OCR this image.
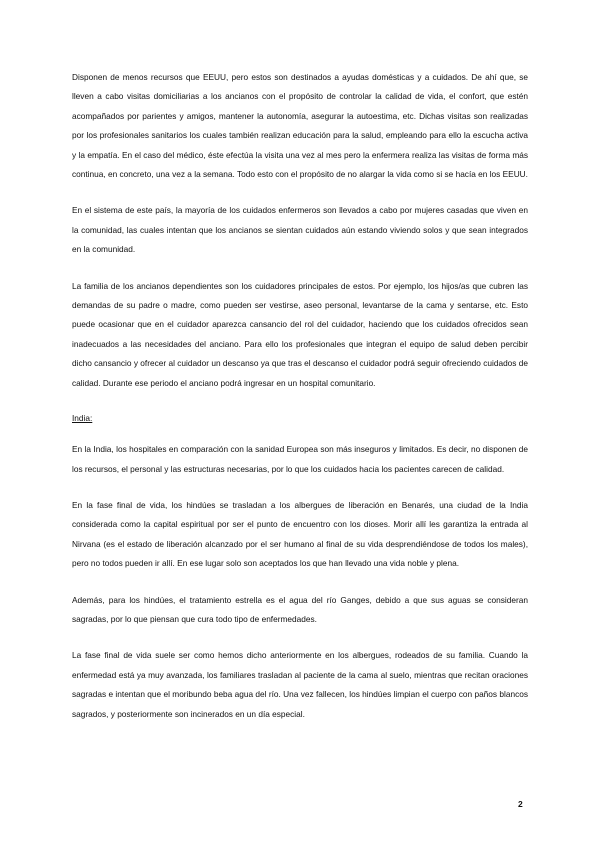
Disponen de menos recursos que EEUU, pero estos son destinados a ayudas domésticas y a cuidados. De ahí que, se lleven a cabo visitas domiciliarias a los ancianos con el propósito de controlar la calidad de vida, el confort, que estén acompañados por parientes y amigos, mantener la autonomía, asegurar la autoestima, etc. Dichas visitas son realizadas por los profesionales sanitarios los cuales también realizan educación para la salud, empleando para ello la escucha activa y la empatía. En el caso del médico, éste efectúa la visita una vez al mes pero la enfermera realiza las visitas de forma más continua, en concreto, una vez a la semana. Todo esto con el propósito de no alargar la vida como si se hacía en los EEUU.

En el sistema de este país, la mayoría de los cuidados enfermeros son llevados a cabo por mujeres casadas que viven en la comunidad, las cuales intentan que los ancianos se sientan cuidados aún estando viviendo solos y que sean integrados en la comunidad.

La familia de los ancianos dependientes son los cuidadores principales de estos. Por ejemplo, los hijos/as que cubren las demandas de su padre o madre, como pueden ser vestirse, aseo personal, levantarse de la cama y sentarse, etc. Esto puede ocasionar que en el cuidador aparezca cansancio del rol del cuidador, haciendo que los cuidados ofrecidos sean inadecuados a las necesidades del anciano. Para ello los profesionales que integran el equipo de salud deben percibir dicho cansancio y ofrecer al cuidador un descanso ya que tras el descanso el cuidador podrá seguir ofreciendo cuidados de calidad. Durante ese periodo el anciano podrá ingresar en un hospital comunitario.

India:

En la India, los hospitales en comparación con la sanidad Europea son más inseguros y limitados. Es decir, no disponen de los recursos, el personal y las estructuras necesarias, por lo que los cuidados hacia los pacientes carecen de calidad.

En la fase final de vida, los hindúes se trasladan a los albergues de liberación en Benarés, una ciudad de la India considerada como la capital espiritual por ser el punto de encuentro con los dioses. Morir allí les garantiza la entrada al Nirvana (es el estado de liberación alcanzado por el ser humano al final de su vida desprendiéndose de todos los males), pero no todos pueden ir allí. En ese lugar solo son aceptados los que han llevado una vida noble y plena.

Además, para los hindúes, el tratamiento estrella es el agua del río Ganges, debido a que sus aguas se consideran sagradas, por lo que piensan que cura todo tipo de enfermedades.

La fase final de vida suele ser como hemos dicho anteriormente en los albergues, rodeados de su familia. Cuando la enfermedad está ya muy avanzada, los familiares trasladan al paciente de la cama al suelo, mientras que recitan oraciones sagradas e intentan que el moribundo beba agua del río. Una vez fallecen, los hindúes limpian el cuerpo con paños blancos sagrados, y posteriormente son incinerados en un día especial.

2
